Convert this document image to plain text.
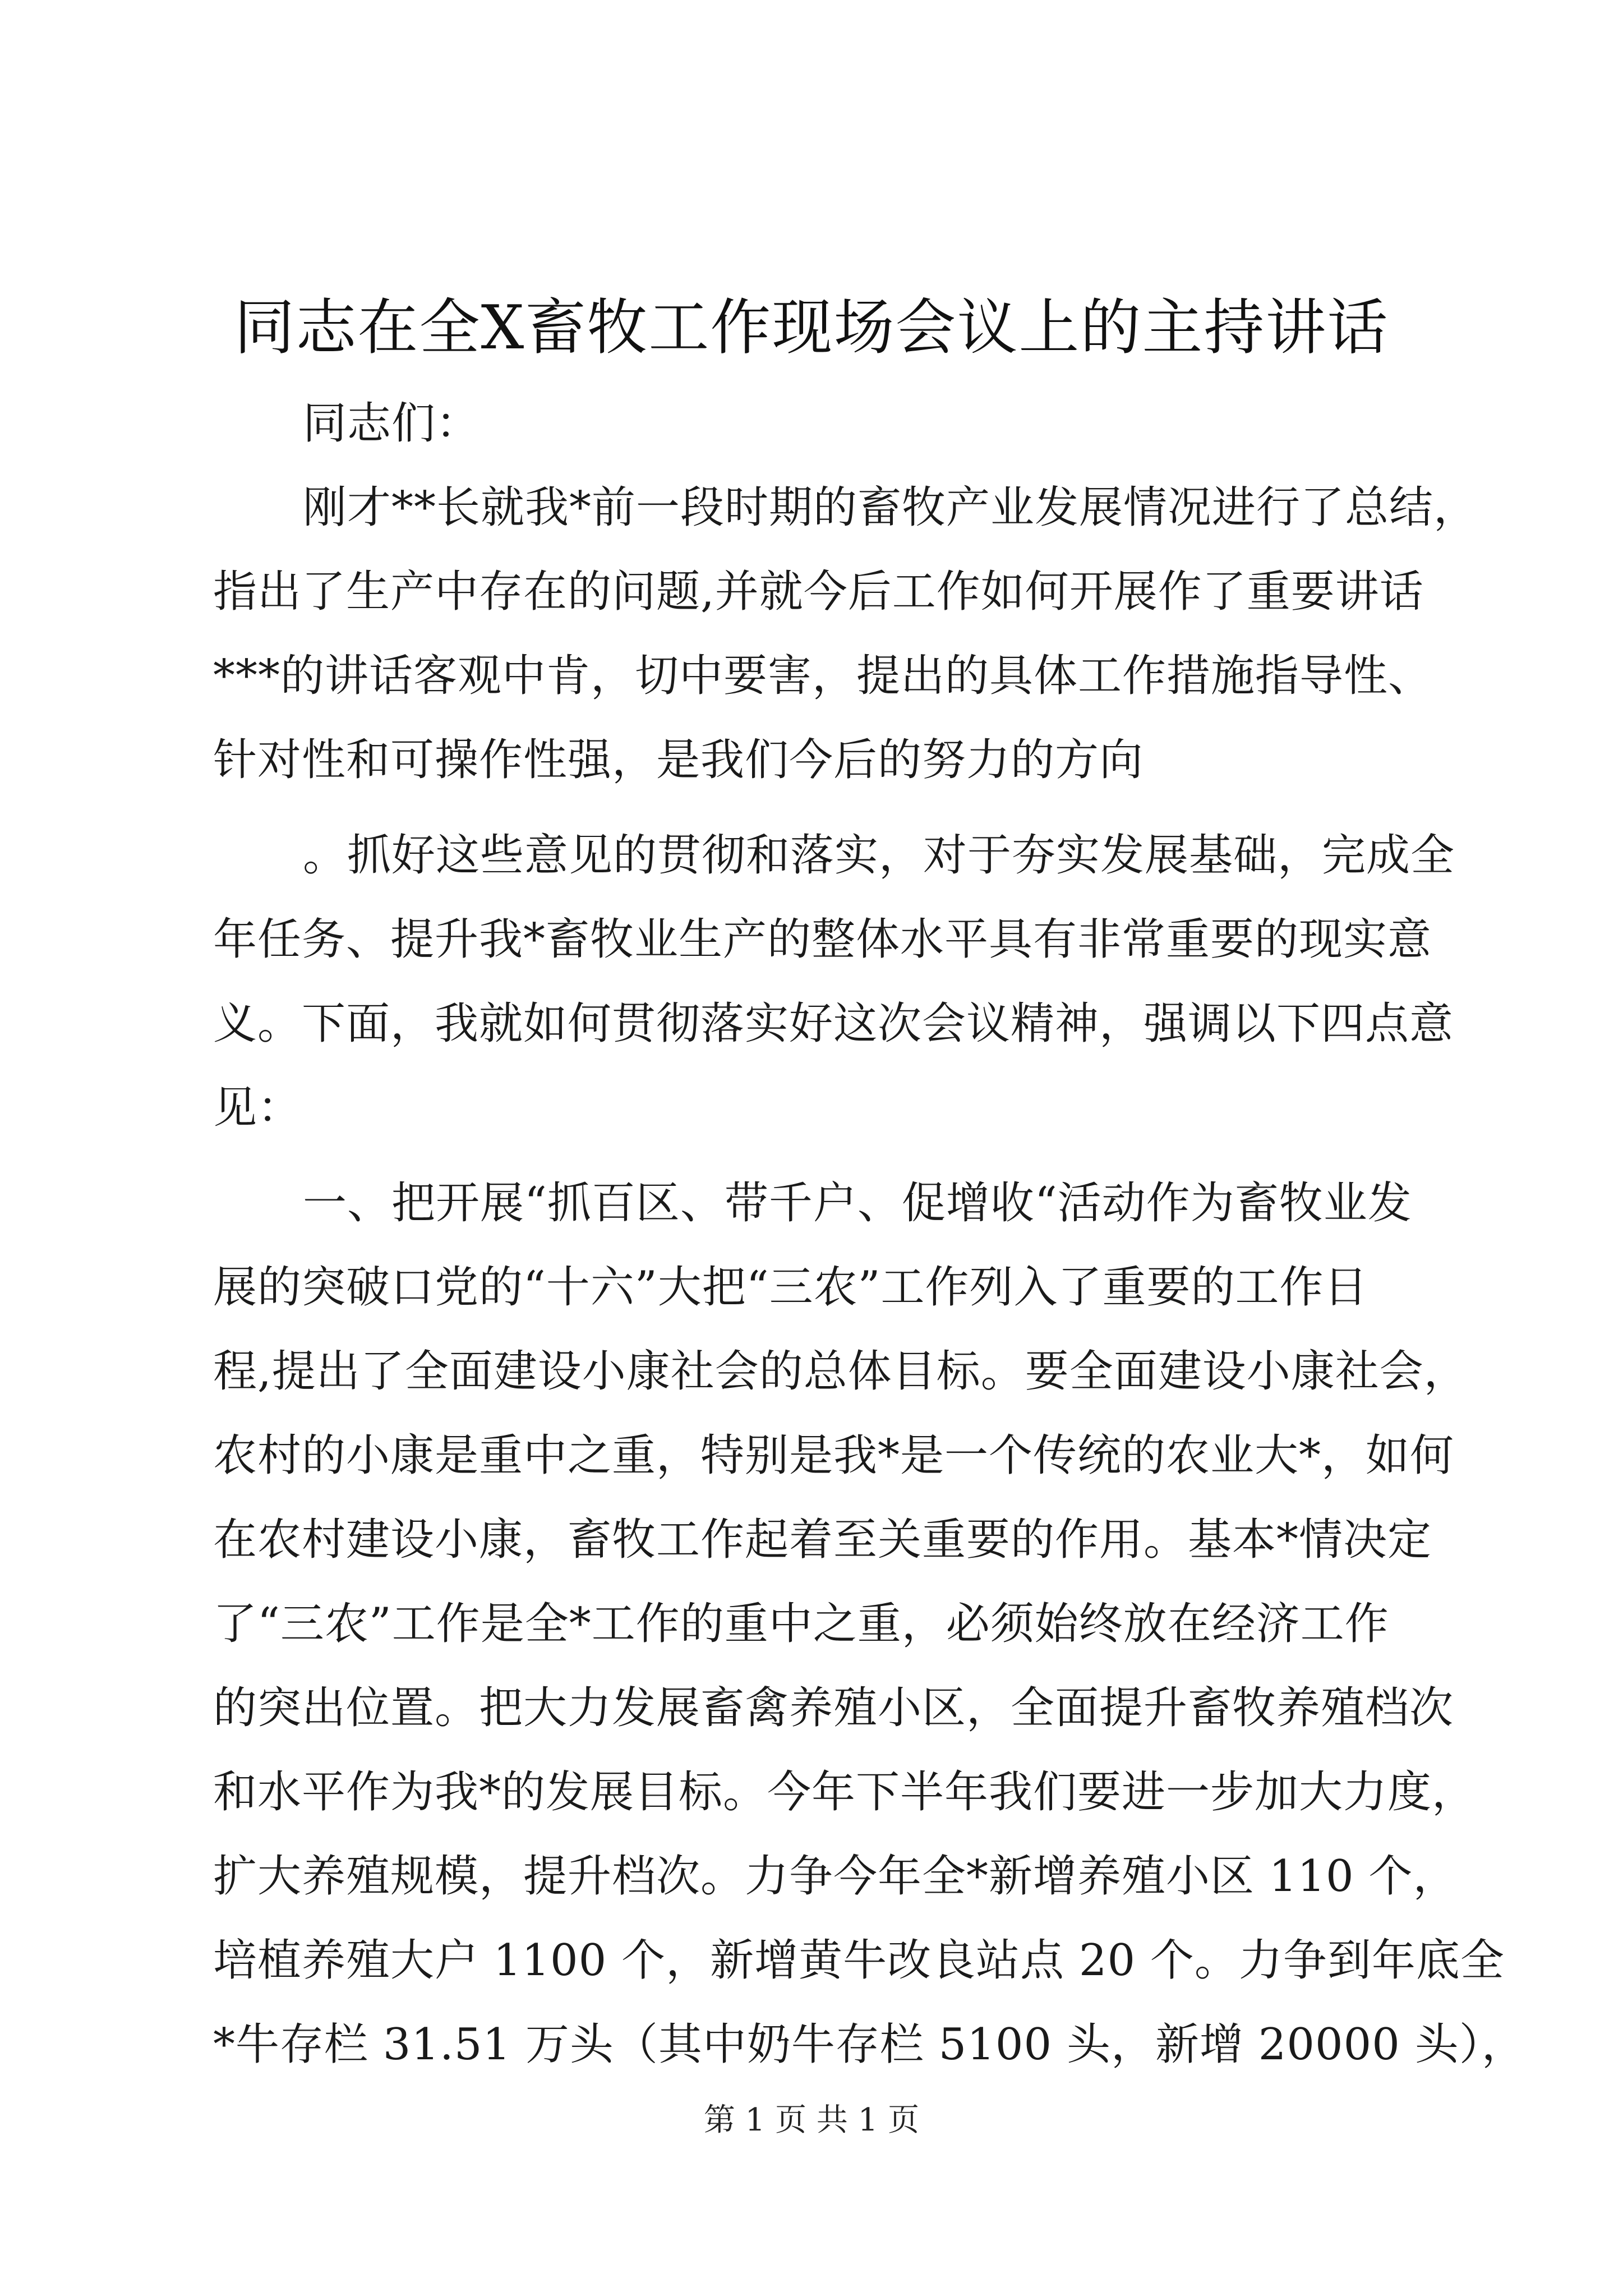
同志在全X畜牧工作现场会议上的主持讲话
同志们：
刚才**长就我*前一段时期的畜牧产业发展情况进行了总结，
指出了生产中存在的问题,并就今后工作如何开展作了重要讲话
***的讲话客观中肯，切中要害，提出的具体工作措施指导性、
针对性和可操作性强，是我们今后的努力的方向
。抓好这些意见的贯彻和落实，对于夯实发展基础，完成全
年任务、提升我*畜牧业生产的整体水平具有非常重要的现实意
义。下面，我就如何贯彻落实好这次会议精神，强调以下四点意
见：
一、把开展“抓百区、带千户、促增收“活动作为畜牧业发
展的突破口党的“十六”大把“三农”工作列入了重要的工作日
程,提出了全面建设小康社会的总体目标。要全面建设小康社会，
农村的小康是重中之重，特别是我*是一个传统的农业大*，如何
在农村建设小康，畜牧工作起着至关重要的作用。基本*情决定
了“三农”工作是全*工作的重中之重，必须始终放在经济工作
的突出位置。把大力发展畜禽养殖小区，全面提升畜牧养殖档次
和水平作为我*的发展目标。今年下半年我们要进一步加大力度，
扩大养殖规模，提升档次。力争今年全*新增养殖小区 110 个，
培植养殖大户 1100 个，新增黄牛改良站点 20 个。力争到年底全
*牛存栏 31.51 万头（其中奶牛存栏 5100 头，新增 20000 头），
第 1 页 共 1 页
